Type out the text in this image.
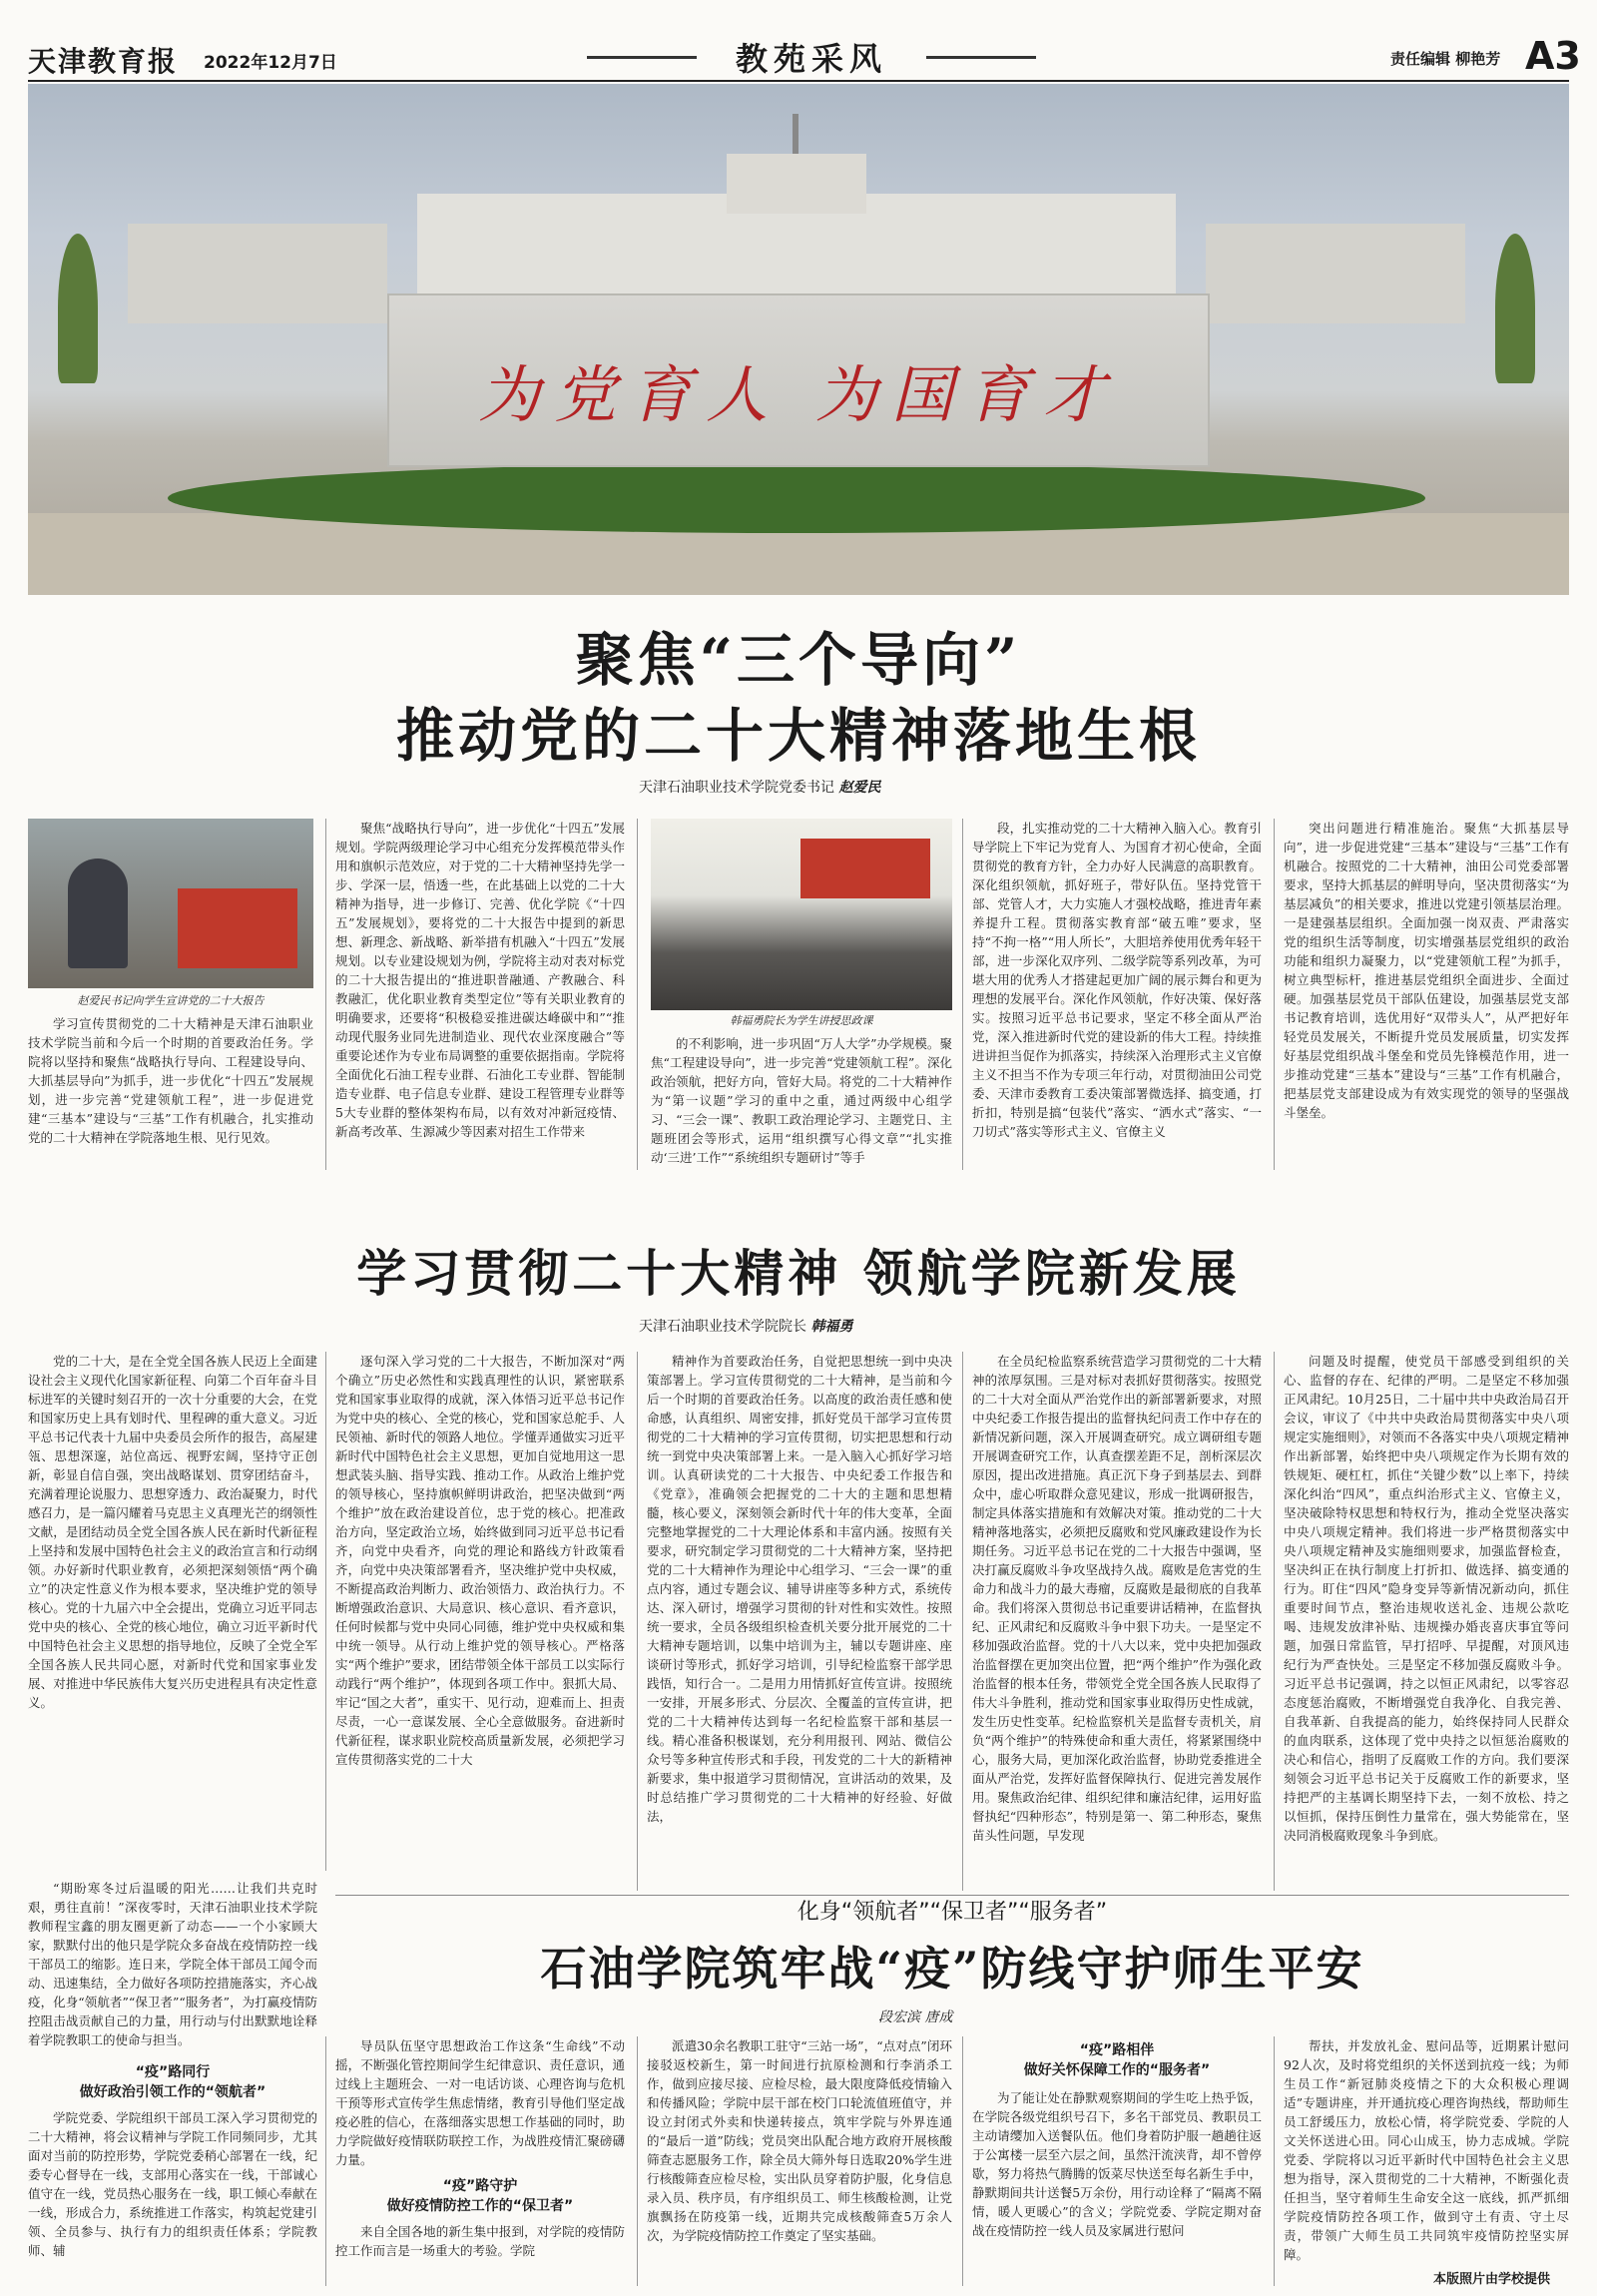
天津教育报 2022年12月7日	教苑采风	责任编辑 柳艳芳 A3
为党育人 为国育才
聚焦“三个导向”
推动党的二十大精神落地生根
天津石油职业技术学院党委书记 赵爱民
赵爱民书记向学生宣讲党的二十大报告

学习宣传贯彻党的二十大精神是天津石油职业技术学院当前和今后一个时期的首要政治任务。学院将以坚持和聚焦“战略执行导向、工程建设导向、大抓基层导向”为抓手，进一步优化“十四五”发展规划，进一步完善“党建领航工程”，进一步促进党建“三基本”建设与“三基”工作有机融合，扎实推动党的二十大精神在学院落地生根、见行见效。

聚焦“战略执行导向”，进一步优化“十四五”发展规划。学院两级理论学习中心组充分发挥模范带头作用和旗帜示范效应，对于党的二十大精神坚持先学一步、学深一层，悟透一些，在此基础上以党的二十大精神为指导，进一步修订、完善、优化学院《“十四五”发展规划》，要将党的二十大报告中提到的新思想、新理念、新战略、新举措有机融入“十四五”发展规划。以专业建设规划为例，学院将主动对表对标党的二十大报告提出的“推进职普融通、产教融合、科教融汇，优化职业教育类型定位”等有关职业教育的明确要求，还要将“积极稳妥推进碳达峰碳中和”“推动现代服务业同先进制造业、现代农业深度融合”等重要论述作为专业布局调整的重要依据指南。学院将全面优化石油工程专业群、石油化工专业群、智能制造专业群、电子信息专业群、建设工程管理专业群等5大专业群的整体架构布局，以有效对冲新冠疫情、新高考改革、生源减少等因素对招生工作带来

韩福勇院长为学生讲授思政课

的不利影响，进一步巩固“万人大学”办学规模。聚焦“工程建设导向”，进一步完善“党建领航工程”。深化政治领航，把好方向，管好大局。将党的二十大精神作为“第一议题”学习的重中之重，通过两级中心组学习、“三会一课”、教职工政治理论学习、主题党日、主题班团会等形式，运用“组织撰写心得文章”“扎实推动‘三进’工作”“系统组织专题研讨”等手

段，扎实推动党的二十大精神入脑入心。教育引导学院上下牢记为党育人、为国育才初心使命，全面贯彻党的教育方针，全力办好人民满意的高职教育。深化组织领航，抓好班子，带好队伍。坚持党管干部、党管人才，大力实施人才强校战略，推进青年素养提升工程。贯彻落实教育部“破五唯”要求，坚持“不拘一格”“用人所长”，大胆培养使用优秀年轻干部，进一步深化双序列、二级学院等系列改革，为可堪大用的优秀人才搭建起更加广阔的展示舞台和更为理想的发展平台。深化作风领航，作好决策、保好落实。按照习近平总书记要求，坚定不移全面从严治党，深入推进新时代党的建设新的伟大工程。持续推进讲担当促作为抓落实，持续深入治理形式主义官僚主义不担当不作为专项三年行动，对贯彻油田公司党委、天津市委教育工委决策部署微选择、搞变通，打折扣，特别是搞“包装代”落实、“洒水式”落实、“一刀切式”落实等形式主义、官僚主义

突出问题进行精准施治。聚焦“大抓基层导向”，进一步促进党建“三基本”建设与“三基”工作有机融合。按照党的二十大精神，油田公司党委部署要求，坚持大抓基层的鲜明导向，坚决贯彻落实“为基层减负”的相关要求，推进以党建引领基层治理。一是建强基层组织。全面加强一岗双责、严肃落实党的组织生活等制度，切实增强基层党组织的政治功能和组织力凝聚力，以“党建领航工程”为抓手，树立典型标杆，推进基层党组织全面进步、全面过硬。加强基层党员干部队伍建设，加强基层党支部书记教育培训，选优用好“双带头人”，从严把好年轻党员发展关，不断提升党员发展质量，切实发挥好基层党组织战斗堡垒和党员先锋模范作用，进一步推动党建“三基本”建设与“三基”工作有机融合，把基层党支部建设成为有效实现党的领导的坚强战斗堡垒。

学习贯彻二十大精神 领航学院新发展
天津石油职业技术学院院长 韩福勇

党的二十大，是在全党全国各族人民迈上全面建设社会主义现代化国家新征程、向第二个百年奋斗目标进军的关键时刻召开的一次十分重要的大会，在党和国家历史上具有划时代、里程碑的重大意义。习近平总书记代表十九届中央委员会所作的报告，高屋建瓴、思想深邃，站位高远、视野宏阔，坚持守正创新，彰显自信自强，突出战略谋划、贯穿团结奋斗，充满着理论说服力、思想穿透力、政治凝聚力，时代感召力，是一篇闪耀着马克思主义真理光芒的纲领性文献，是团结动员全党全国各族人民在新时代新征程上坚持和发展中国特色社会主义的政治宣言和行动纲领。办好新时代职业教育，必须把深刻领悟“两个确立”的决定性意义作为根本要求，坚决维护党的领导核心。党的十九届六中全会提出，党确立习近平同志党中央的核心、全党的核心地位，确立习近平新时代中国特色社会主义思想的指导地位，反映了全党全军全国各族人民共同心愿，对新时代党和国家事业发展、对推进中华民族伟大复兴历史进程具有决定性意义。

逐句深入学习党的二十大报告，不断加深对“两个确立”历史必然性和实践真理性的认识，紧密联系党和国家事业取得的成就，深入体悟习近平总书记作为党中央的核心、全党的核心，党和国家总舵手、人民领袖、新时代的领路人地位。学懂弄通做实习近平新时代中国特色社会主义思想，更加自觉地用这一思想武装头脑、指导实践、推动工作。从政治上维护党的领导核心，坚持旗帜鲜明讲政治，把坚决做到“两个维护”放在政治建设首位，忠于党的核心。把准政治方向，坚定政治立场，始终做到同习近平总书记看齐，向党中央看齐，向党的理论和路线方针政策看齐，向党中央决策部署看齐，坚决维护党中央权威，不断提高政治判断力、政治领悟力、政治执行力。不断增强政治意识、大局意识、核心意识、看齐意识，任何时候都与党中央同心同德，维护党中央权威和集中统一领导。从行动上维护党的领导核心。严格落实“两个维护”要求，团结带领全体干部员工以实际行动践行“两个维护”，体现到各项工作中。狠抓大局、牢记“国之大者”，重实干、见行动，迎难而上、担责尽责，一心一意谋发展、全心全意做服务。奋进新时代新征程，谋求职业院校高质量新发展，必须把学习宣传贯彻落实党的二十大

精神作为首要政治任务，自觉把思想统一到中央决策部署上。学习宣传贯彻党的二十大精神，是当前和今后一个时期的首要政治任务。以高度的政治责任感和使命感，认真组织、周密安排，抓好党员干部学习宣传贯彻党的二十大精神的学习宣传贯彻，切实把思想和行动统一到党中央决策部署上来。一是入脑入心抓好学习培训。认真研读党的二十大报告、中央纪委工作报告和《党章》，准确领会把握党的二十大的主题和思想精髓，核心要义，深刻领会新时代十年的伟大变革，全面完整地掌握党的二十大理论体系和丰富内涵。按照有关要求，研究制定学习贯彻党的二十大精神方案，坚持把党的二十大精神作为理论中心组学习、“三会一课”的重点内容，通过专题会议、辅导讲座等多种方式，系统传达、深入研讨，增强学习贯彻的针对性和实效性。按照统一要求，全员各级组织检查机关要分批开展党的二十大精神专题培训，以集中培训为主，辅以专题讲座、座谈研讨等形式，抓好学习培训，引导纪检监察干部学思践悟，知行合一。二是用力用情抓好宣传宣讲。按照统一安排，开展多形式、分层次、全覆盖的宣传宣讲，把党的二十大精神传达到每一名纪检监察干部和基层一线。精心准备积极谋划，充分利用报刊、网站、微信公众号等多种宣传形式和手段，刊发党的二十大的新精神新要求，集中报道学习贯彻情况，宣讲活动的效果，及时总结推广学习贯彻党的二十大精神的好经验、好做法，

在全员纪检监察系统营造学习贯彻党的二十大精神的浓厚氛围。三是对标对表抓好贯彻落实。按照党的二十大对全面从严治党作出的新部署新要求，对照中央纪委工作报告提出的监督执纪问责工作中存在的新情况新问题，深入开展调查研究。成立调研组专题开展调查研究工作，认真查摆差距不足，剖析深层次原因，提出改进措施。真正沉下身子到基层去、到群众中，虚心听取群众意见建议，形成一批调研报告，制定具体落实措施和有效解决对策。推动党的二十大精神落地落实，必须把反腐败和党风廉政建设作为长期任务。习近平总书记在党的二十大报告中强调，坚决打赢反腐败斗争攻坚战持久战。腐败是危害党的生命力和战斗力的最大毒瘤，反腐败是最彻底的自我革命。我们将深入贯彻总书记重要讲话精神，在监督执纪、正风肃纪和反腐败斗争中狠下功夫。一是坚定不移加强政治监督。党的十八大以来，党中央把加强政治监督摆在更加突出位置，把“两个维护”作为强化政治监督的根本任务，带领党全党全国各族人民取得了伟大斗争胜利，推动党和国家事业取得历史性成就，发生历史性变革。纪检监察机关是监督专责机关，肩负“两个维护”的特殊使命和重大责任，将紧紧围绕中心，服务大局，更加深化政治监督，协助党委推进全面从严治党，发挥好监督保障执行、促进完善发展作用。聚焦政治纪律、组织纪律和廉洁纪律，运用好监督执纪“四种形态”，特别是第一、第二种形态，聚焦苗头性问题，早发现

问题及时提醒，使党员干部感受到组织的关心、监督的存在、纪律的严明。二是坚定不移加强正风肃纪。10月25日，二十届中共中央政治局召开会议，审议了《中共中央政治局贯彻落实中央八项规定实施细则》，对领而不各落实中央八项规定精神作出新部署，始终把中央八项规定作为长期有效的铁规矩、硬杠杠，抓住“关键少数”以上率下，持续深化纠治“四风”，重点纠治形式主义、官僚主义，坚决破除特权思想和特权行为，推动全党坚决落实中央八项规定精神。我们将进一步严格贯彻落实中央八项规定精神及实施细则要求，加强监督检查，坚决纠正在执行制度上打折扣、做选择、搞变通的行为。盯住“四风”隐身变异等新情况新动向，抓住重要时间节点，整治违规收送礼金、违规公款吃喝、违规发放津补贴、违规操办婚丧喜庆事宜等问题，加强日常监管，早打招呼、早提醒，对顶风违纪行为严查快处。三是坚定不移加强反腐败斗争。习近平总书记强调，持之以恒正风肃纪，以零容忍态度惩治腐败，不断增强党自我净化、自我完善、自我革新、自我提高的能力，始终保持同人民群众的血肉联系，这体现了党中央持之以恒惩治腐败的决心和信心，指明了反腐败工作的方向。我们要深刻领会习近平总书记关于反腐败工作的新要求，坚持把严的主基调长期坚持下去，一刻不放松、持之以恒抓，保持压倒性力量常在，强大势能常在，坚决同消极腐败现象斗争到底。

“期盼寒冬过后温暖的阳光……让我们共克时艰，勇往直前！”深夜零时，天津石油职业技术学院教师程宝鑫的朋友圈更新了动态——一个小家顾大家，默默付出的他只是学院众多奋战在疫情防控一线干部员工的缩影。连日来，学院全体干部员工闻令而动、迅速集结，全力做好各项防控措施落实，齐心战疫，化身“领航者”“保卫者”“服务者”，为打赢疫情防控阻击战贡献自己的力量，用行动与付出默默地诠释着学院教职工的使命与担当。

化身“领航者”“保卫者”“服务者”
石油学院筑牢战“疫”防线守护师生平安
段宏滨 唐成
“疫”路同行
做好政治引领工作的“领航者”

学院党委、学院组织干部员工深入学习贯彻党的二十大精神，将会议精神与学院工作同频同步，尤其面对当前的防控形势，学院党委稍心部署在一线，纪委专心督导在一线，支部用心落实在一线，干部诚心值守在一线，党员热心服务在一线，职工倾心奉献在一线，形成合力，系统推进工作落实，构筑起党建引领、全员参与、执行有力的组织责任体系；学院教师、辅

导员队伍坚守思想政治工作这条“生命线”不动摇，不断强化管控期间学生纪律意识、责任意识，通过线上主题班会、一对一电话访谈、心理咨询与危机干预等形式宣传学生焦虑情绪，教育引导他们坚定战疫必胜的信心，在落细落实思想工作基础的同时，助力学院做好疫情联防联控工作，为战胜疫情汇聚磅礴力量。

“疫”路守护
做好疫情防控工作的“保卫者”

来自全国各地的新生集中报到，对学院的疫情防控工作而言是一场重大的考验。学院

派遣30余名教职工驻守“三站一场”，“点对点”闭环接驳返校新生，第一时间进行抗原检测和行李消杀工作，做到应接尽接、应检尽检，最大限度降低疫情输入和传播风险；学院中层干部在校门口轮流值班值守，并设立封闭式外卖和快递转接点，筑牢学院与外界连通的“最后一道”防线；党员突出队配合地方政府开展核酸筛查志愿服务工作，除全员大筛外每日选取20%学生进行核酸筛查应检尽检，实出队员穿着防护服，化身信息录入员、秩序员，有序组织员工、师生核酸检测，让党旗飘扬在防疫第一线，近期共完成核酸筛查5万余人次，为学院疫情防控工作奠定了坚实基础。

“疫”路相伴
做好关怀保障工作的“服务者”

为了能让处在静默观察期间的学生吃上热乎饭，在学院各级党组织号召下，多名干部党员、教职员工主动请缨加入送餐队伍。他们身着防护服一趟趟往返于公寓楼一层至六层之间，虽然汗流浃背，却不曾停歇，努力将热气腾腾的饭菜尽快送至每名新生手中，静默期间共计送餐5万余份，用行动诠释了“隔离不隔情，暖人更暖心”的含义；学院党委、学院定期对奋战在疫情防控一线人员及家属进行慰问

帮扶，并发放礼金、慰问品等，近期累计慰问92人次，及时将党组织的关怀送到抗疫一线；为师生员工作“新冠肺炎疫情之下的大众积极心理调适”专题讲座，并开通抗疫心理咨询热线，帮助师生员工舒缓压力，放松心情，将学院党委、学院的人文关怀送进心田。同心山成玉，协力志成城。学院党委、学院将以习近平新时代中国特色社会主义思想为指导，深入贯彻党的二十大精神，不断强化责任担当，坚守着师生生命安全这一底线，抓严抓细学院疫情防控各项工作，做到守土有责、守土尽责，带领广大师生员工共同筑牢疫情防控坚实屏障。

本版照片由学校提供
